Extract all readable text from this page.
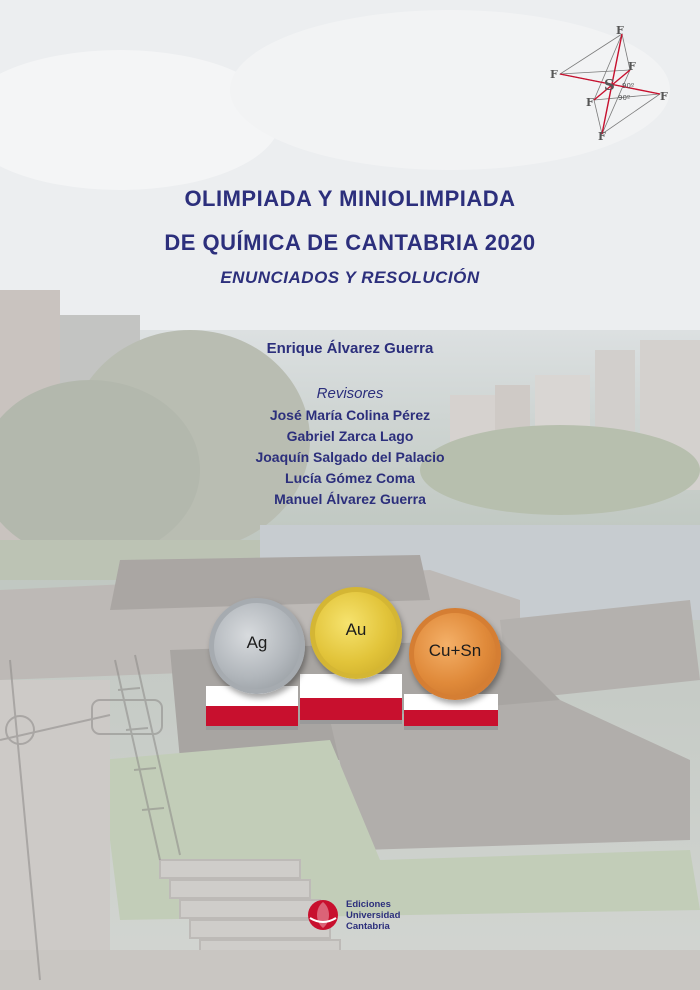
F
F
F
F
F
F
S 90º
90º
OLIMPIADA Y MINIOLIMPIADA
DE QUÍMICA DE CANTABRIA 2020
ENUNCIADOS Y RESOLUCIÓN
Enrique Álvarez Guerra
Revisores
José María Colina Pérez
Gabriel Zarca Lago
Joaquín Salgado del Palacio
Lucía Gómez Coma
Manuel Álvarez Guerra
Ag
Au
Cu+Sn
Ediciones
Universidad
Cantabria
